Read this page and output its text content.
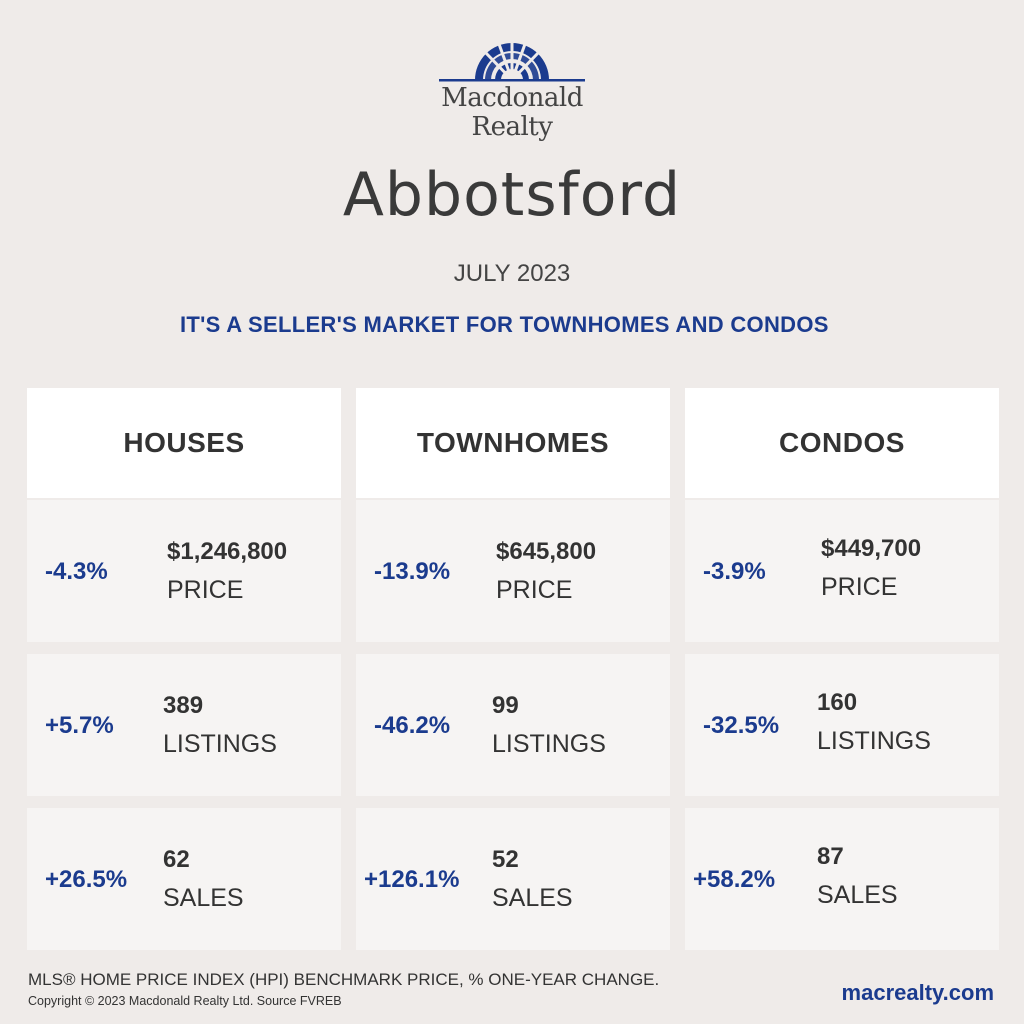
Macdonald
Realty
Abbotsford
JULY 2023
IT'S A SELLER'S MARKET FOR TOWNHOMES AND CONDOS
HOUSES
-4.3%
$1,246,800
PRICE
+5.7%
389
LISTINGS
+26.5%
62
SALES
TOWNHOMES
-13.9%
$645,800
PRICE
-46.2%
99
LISTINGS
+126.1%
52
SALES
CONDOS
-3.9%
$449,700
PRICE
-32.5%
160
LISTINGS
+58.2%
87
SALES
MLS® HOME PRICE INDEX (HPI) BENCHMARK PRICE, % ONE-YEAR CHANGE.
Copyright © 2023 Macdonald Realty Ltd. Source FVREB	macrealty.com
